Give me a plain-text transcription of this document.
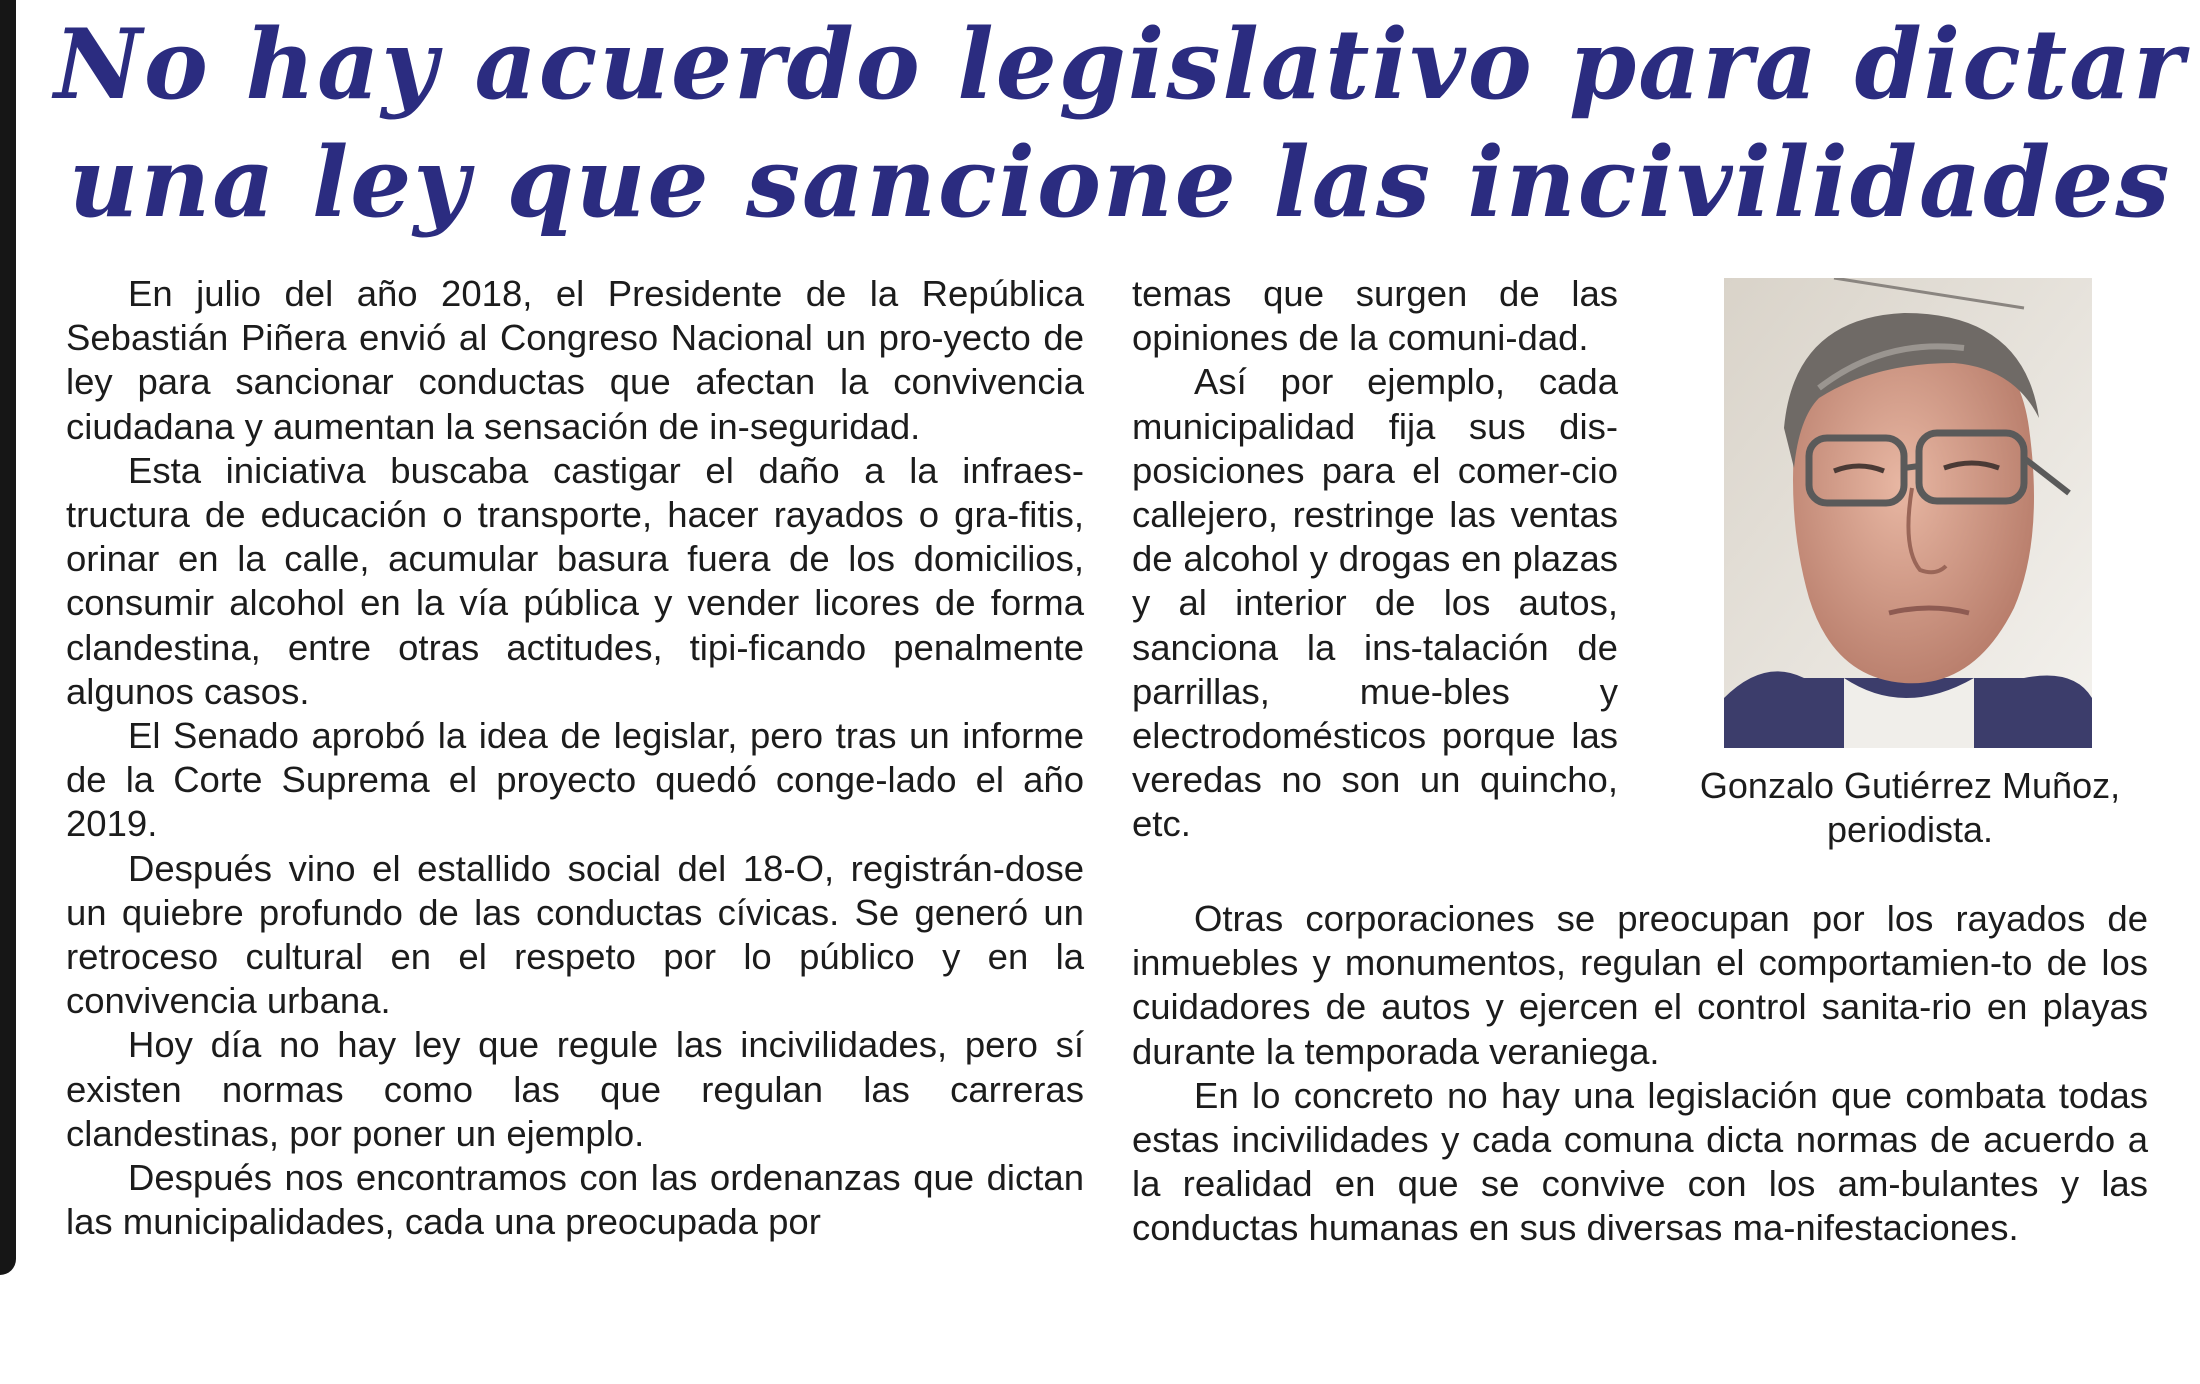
No hay acuerdo legislativo para dictar
una ley que sancione las incivilidades

En julio del año 2018, el Presidente de la República Sebastián Piñera envió al Congreso Nacional un pro-yecto de ley para sancionar conductas que afectan la convivencia ciudadana y aumentan la sensación de in-seguridad.

Esta iniciativa buscaba castigar el daño a la infraes-tructura de educación o transporte, hacer rayados o gra-fitis, orinar en la calle, acumular basura fuera de los domicilios, consumir alcohol en la vía pública y vender licores de forma clandestina, entre otras actitudes, tipi-ficando penalmente algunos casos.

El Senado aprobó la idea de legislar, pero tras un informe de la Corte Suprema el proyecto quedó conge-lado el año 2019.

Después vino el estallido social del 18-O, registrán-dose un quiebre profundo de las conductas cívicas. Se generó un retroceso cultural en el respeto por lo público y en la convivencia urbana.

Hoy día no hay ley que regule las incivilidades, pero sí existen normas como las que regulan las carreras clandestinas, por poner un ejemplo.

Después nos encontramos con las ordenanzas que dictan las municipalidades, cada una preocupada por

temas que surgen de las opiniones de la comuni-dad.

Así por ejemplo, cada municipalidad fija sus dis-posiciones para el comer-cio callejero, restringe las ventas de alcohol y drogas en plazas y al interior de los autos, sanciona la ins-talación de parrillas, mue-bles y electrodomésticos porque las veredas no son un quincho, etc.

Otras corporaciones se preocupan por los rayados de inmuebles y monumentos, regulan el comportamien-to de los cuidadores de autos y ejercen el control sanita-rio en playas durante la temporada veraniega.

En lo concreto no hay una legislación que combata todas estas incivilidades y cada comuna dicta normas de acuerdo a la realidad en que se convive con los am-bulantes y las conductas humanas en sus diversas ma-nifestaciones.

Gonzalo Gutiérrez Muñoz,
periodista.
